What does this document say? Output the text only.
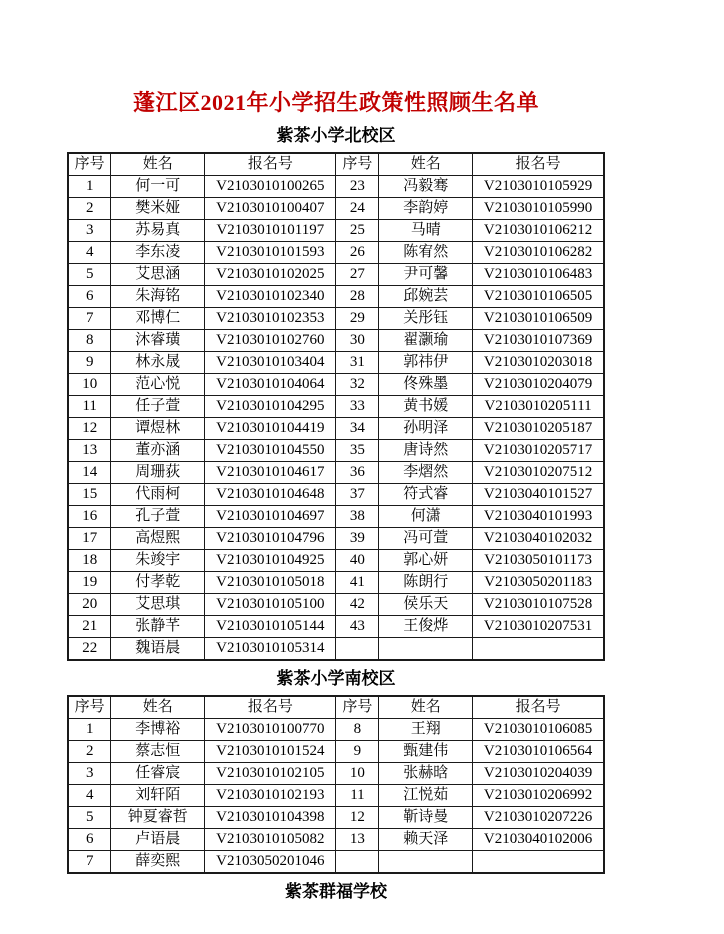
蓬江区2021年小学招生政策性照顾生名单
紫茶小学北校区
序号	姓名	报名号	序号	姓名	报名号
1	何一可	V2103010100265	23	冯毅骞	V2103010105929
2	樊米娅	V2103010100407	24	李韵婷	V2103010105990
3	苏易真	V2103010101197	25	马晴	V2103010106212
4	李东凌	V2103010101593	26	陈宥然	V2103010106282
5	艾思涵	V2103010102025	27	尹可馨	V2103010106483
6	朱海铭	V2103010102340	28	邱婉芸	V2103010106505
7	邓博仁	V2103010102353	29	关彤钰	V2103010106509
8	沐睿璜	V2103010102760	30	翟灏瑜	V2103010107369
9	林永晟	V2103010103404	31	郭祎伊	V2103010203018
10	范心悦	V2103010104064	32	佟殊墨	V2103010204079
11	任子萱	V2103010104295	33	黄书媛	V2103010205111
12	谭煜林	V2103010104419	34	孙明泽	V2103010205187
13	董亦涵	V2103010104550	35	唐诗然	V2103010205717
14	周珊荻	V2103010104617	36	李熠然	V2103010207512
15	代雨柯	V2103010104648	37	符式睿	V2103040101527
16	孔子萱	V2103010104697	38	何潇	V2103040101993
17	高煜熙	V2103010104796	39	冯可萱	V2103040102032
18	朱竣宇	V2103010104925	40	郭心妍	V2103050101173
19	付孝乾	V2103010105018	41	陈朗行	V2103050201183
20	艾思琪	V2103010105100	42	侯乐天	V2103010107528
21	张静芊	V2103010105144	43	王俊烨	V2103010207531
22	魏语晨	V2103010105314			
紫茶小学南校区
序号	姓名	报名号	序号	姓名	报名号
1	李博裕	V2103010100770	8	王翔	V2103010106085
2	蔡志恒	V2103010101524	9	甄建伟	V2103010106564
3	任睿宸	V2103010102105	10	张赫晗	V2103010204039
4	刘轩陌	V2103010102193	11	江悦茹	V2103010206992
5	钟夏睿哲	V2103010104398	12	靳诗曼	V2103010207226
6	卢语晨	V2103010105082	13	赖天泽	V2103040102006
7	薛奕熙	V2103050201046			
紫茶群福学校
